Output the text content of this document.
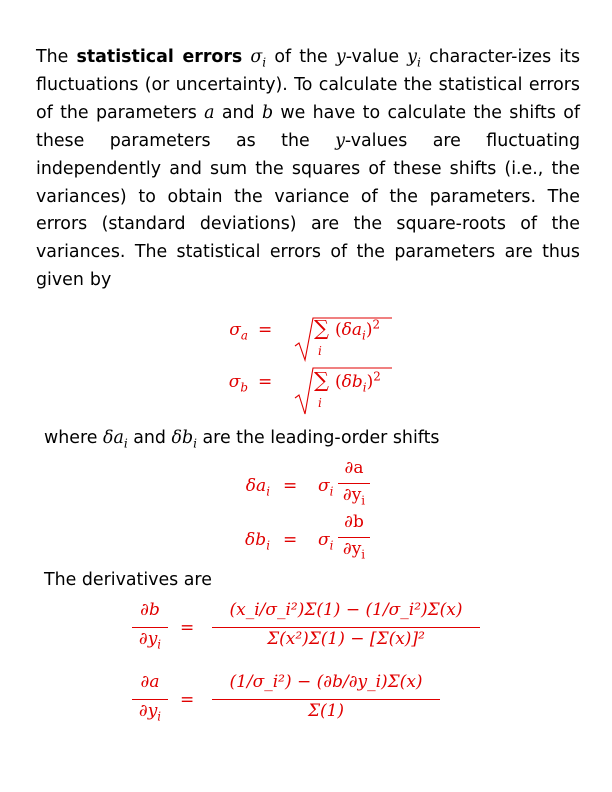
The statistical errors $\sigma_i$ of the y-value $y_i$ character-izes its fluctuations (or uncertainty). To calculate the statistical errors of the parameters a and b we have to calculate the shifts of these parameters as the y-values are fluctuating independently and sum the squares of these shifts (i.e., the variances) to obtain the variance of the parameters. The errors (standard deviations) are the square-roots of the variances. The statistical errors of the parameters are thus given by
$\sigma_a$ = ∑
i
$(\delta a_i)^2$
$\sigma_b$ = ∑
i
$(\delta b_i)^2$
where $\delta a_i$ and $\delta b_i$ are the leading-order shifts
$\delta a_i = \sigma_i$
∂a
$\partial y_i$
$\delta b_i = \sigma_i$
∂b
$\partial y_i$
The derivatives are
∂b
$\partial y_i$
=
(x_i/σ_i²)Σ(1) − (1/σ_i²)Σ(x)
Σ(x²)Σ(1) − [Σ(x)]²
∂a
$\partial y_i$
=
(1/σ_i²) − (∂b/∂y_i)Σ(x)
Σ(1)
